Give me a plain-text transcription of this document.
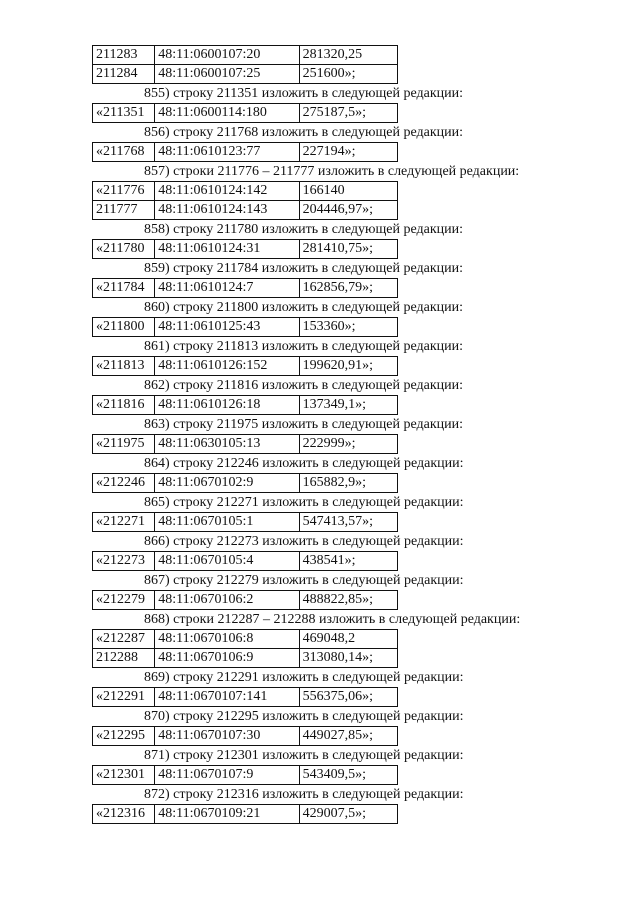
211283	48:11:0600107:20	281320,25
211284	48:11:0600107:25	251600»;
855) строку 211351 изложить в следующей редакции:
«211351	48:11:0600114:180	275187,5»;
856) строку 211768 изложить в следующей редакции:
«211768	48:11:0610123:77	227194»;
857) строки 211776 – 211777 изложить в следующей редакции:
«211776	48:11:0610124:142	166140
211777	48:11:0610124:143	204446,97»;
858) строку 211780 изложить в следующей редакции:
«211780	48:11:0610124:31	281410,75»;
859) строку 211784 изложить в следующей редакции:
«211784	48:11:0610124:7	162856,79»;
860) строку 211800 изложить в следующей редакции:
«211800	48:11:0610125:43	153360»;
861) строку 211813 изложить в следующей редакции:
«211813	48:11:0610126:152	199620,91»;
862) строку 211816 изложить в следующей редакции:
«211816	48:11:0610126:18	137349,1»;
863) строку 211975 изложить в следующей редакции:
«211975	48:11:0630105:13	222999»;
864) строку 212246 изложить в следующей редакции:
«212246	48:11:0670102:9	165882,9»;
865) строку 212271 изложить в следующей редакции:
«212271	48:11:0670105:1	547413,57»;
866) строку 212273 изложить в следующей редакции:
«212273	48:11:0670105:4	438541»;
867) строку 212279 изложить в следующей редакции:
«212279	48:11:0670106:2	488822,85»;
868) строки 212287 – 212288 изложить в следующей редакции:
«212287	48:11:0670106:8	469048,2
212288	48:11:0670106:9	313080,14»;
869) строку 212291 изложить в следующей редакции:
«212291	48:11:0670107:141	556375,06»;
870) строку 212295 изложить в следующей редакции:
«212295	48:11:0670107:30	449027,85»;
871) строку 212301 изложить в следующей редакции:
«212301	48:11:0670107:9	543409,5»;
872) строку 212316 изложить в следующей редакции:
«212316	48:11:0670109:21	429007,5»;
